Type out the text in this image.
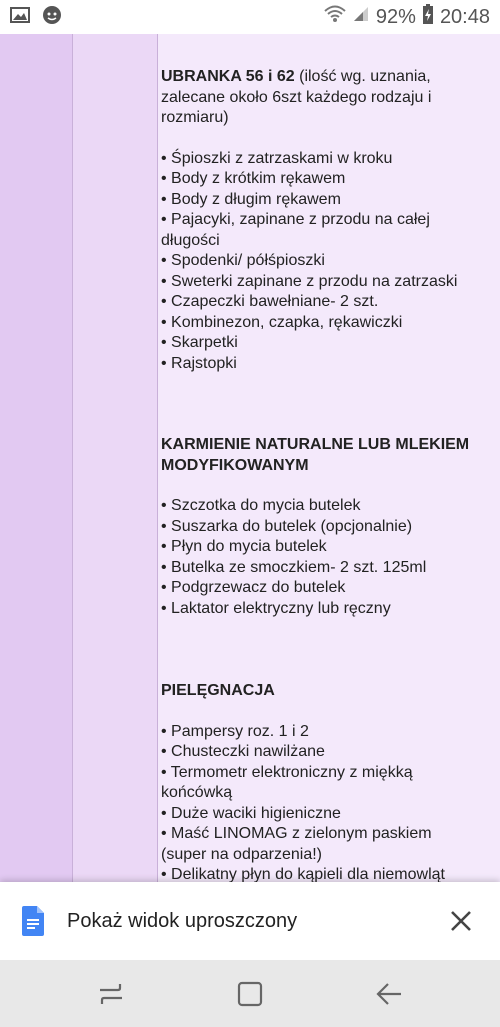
92% 20:48
UBRANKA 56 i 62 (ilość wg. uznania,
zalecane około 6szt każdego rodzaju i
rozmiaru)
• Śpioszki z zatrzaskami w kroku
• Body z krótkim rękawem
• Body z długim rękawem
• Pajacyki, zapinane z przodu na całej
długości
• Spodenki/ półśpioszki
• Sweterki zapinane z przodu na zatrzaski
• Czapeczki bawełniane- 2 szt.
• Kombinezon, czapka, rękawiczki
• Skarpetki
• Rajstopki
KARMIENIE NATURALNE LUB MLEKIEM
MODYFIKOWANYM
• Szczotka do mycia butelek
• Suszarka do butelek (opcjonalnie)
• Płyn do mycia butelek
• Butelka ze smoczkiem- 2 szt. 125ml
• Podgrzewacz do butelek
• Laktator elektryczny lub ręczny
PIELĘGNACJA
• Pampersy roz. 1 i 2
• Chusteczki nawilżane
• Termometr elektroniczny z miękką
końcówką
• Duże waciki higieniczne
• Maść LINOMAG z zielonym paskiem
(super na odparzenia!)
• Delikatny płyn do kąpieli dla niemowląt
Pokaż widok uproszczony
